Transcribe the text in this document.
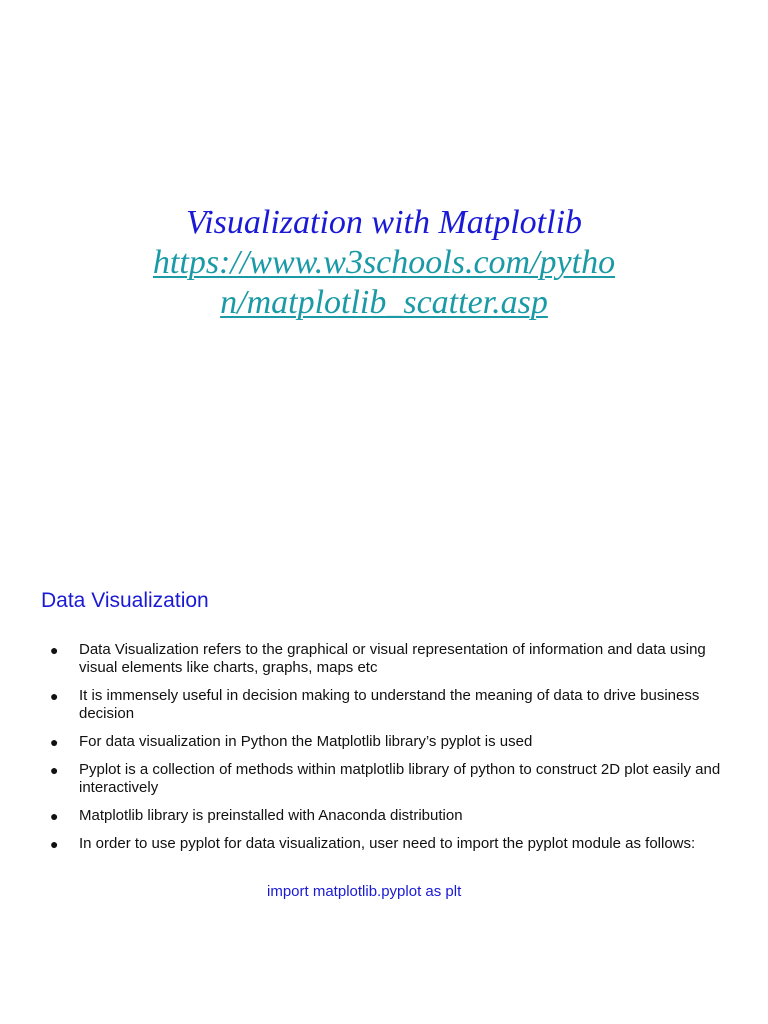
Visualization with Matplotlib
https://www.w3schools.com/pytho
n/matplotlib_scatter.asp
Data Visualization
● Data Visualization refers to the graphical or visual representation of information and data using visual elements like charts, graphs, maps etc
● It is immensely useful in decision making to understand the meaning of data to drive business decision
● For data visualization in Python the Matplotlib library’s pyplot is used
● Pyplot is a collection of methods within matplotlib library of python to construct 2D plot easily and interactively
● Matplotlib library is preinstalled with Anaconda distribution
● In order to use pyplot for data visualization, user need to import the pyplot module as follows:
import matplotlib.pyplot as plt
